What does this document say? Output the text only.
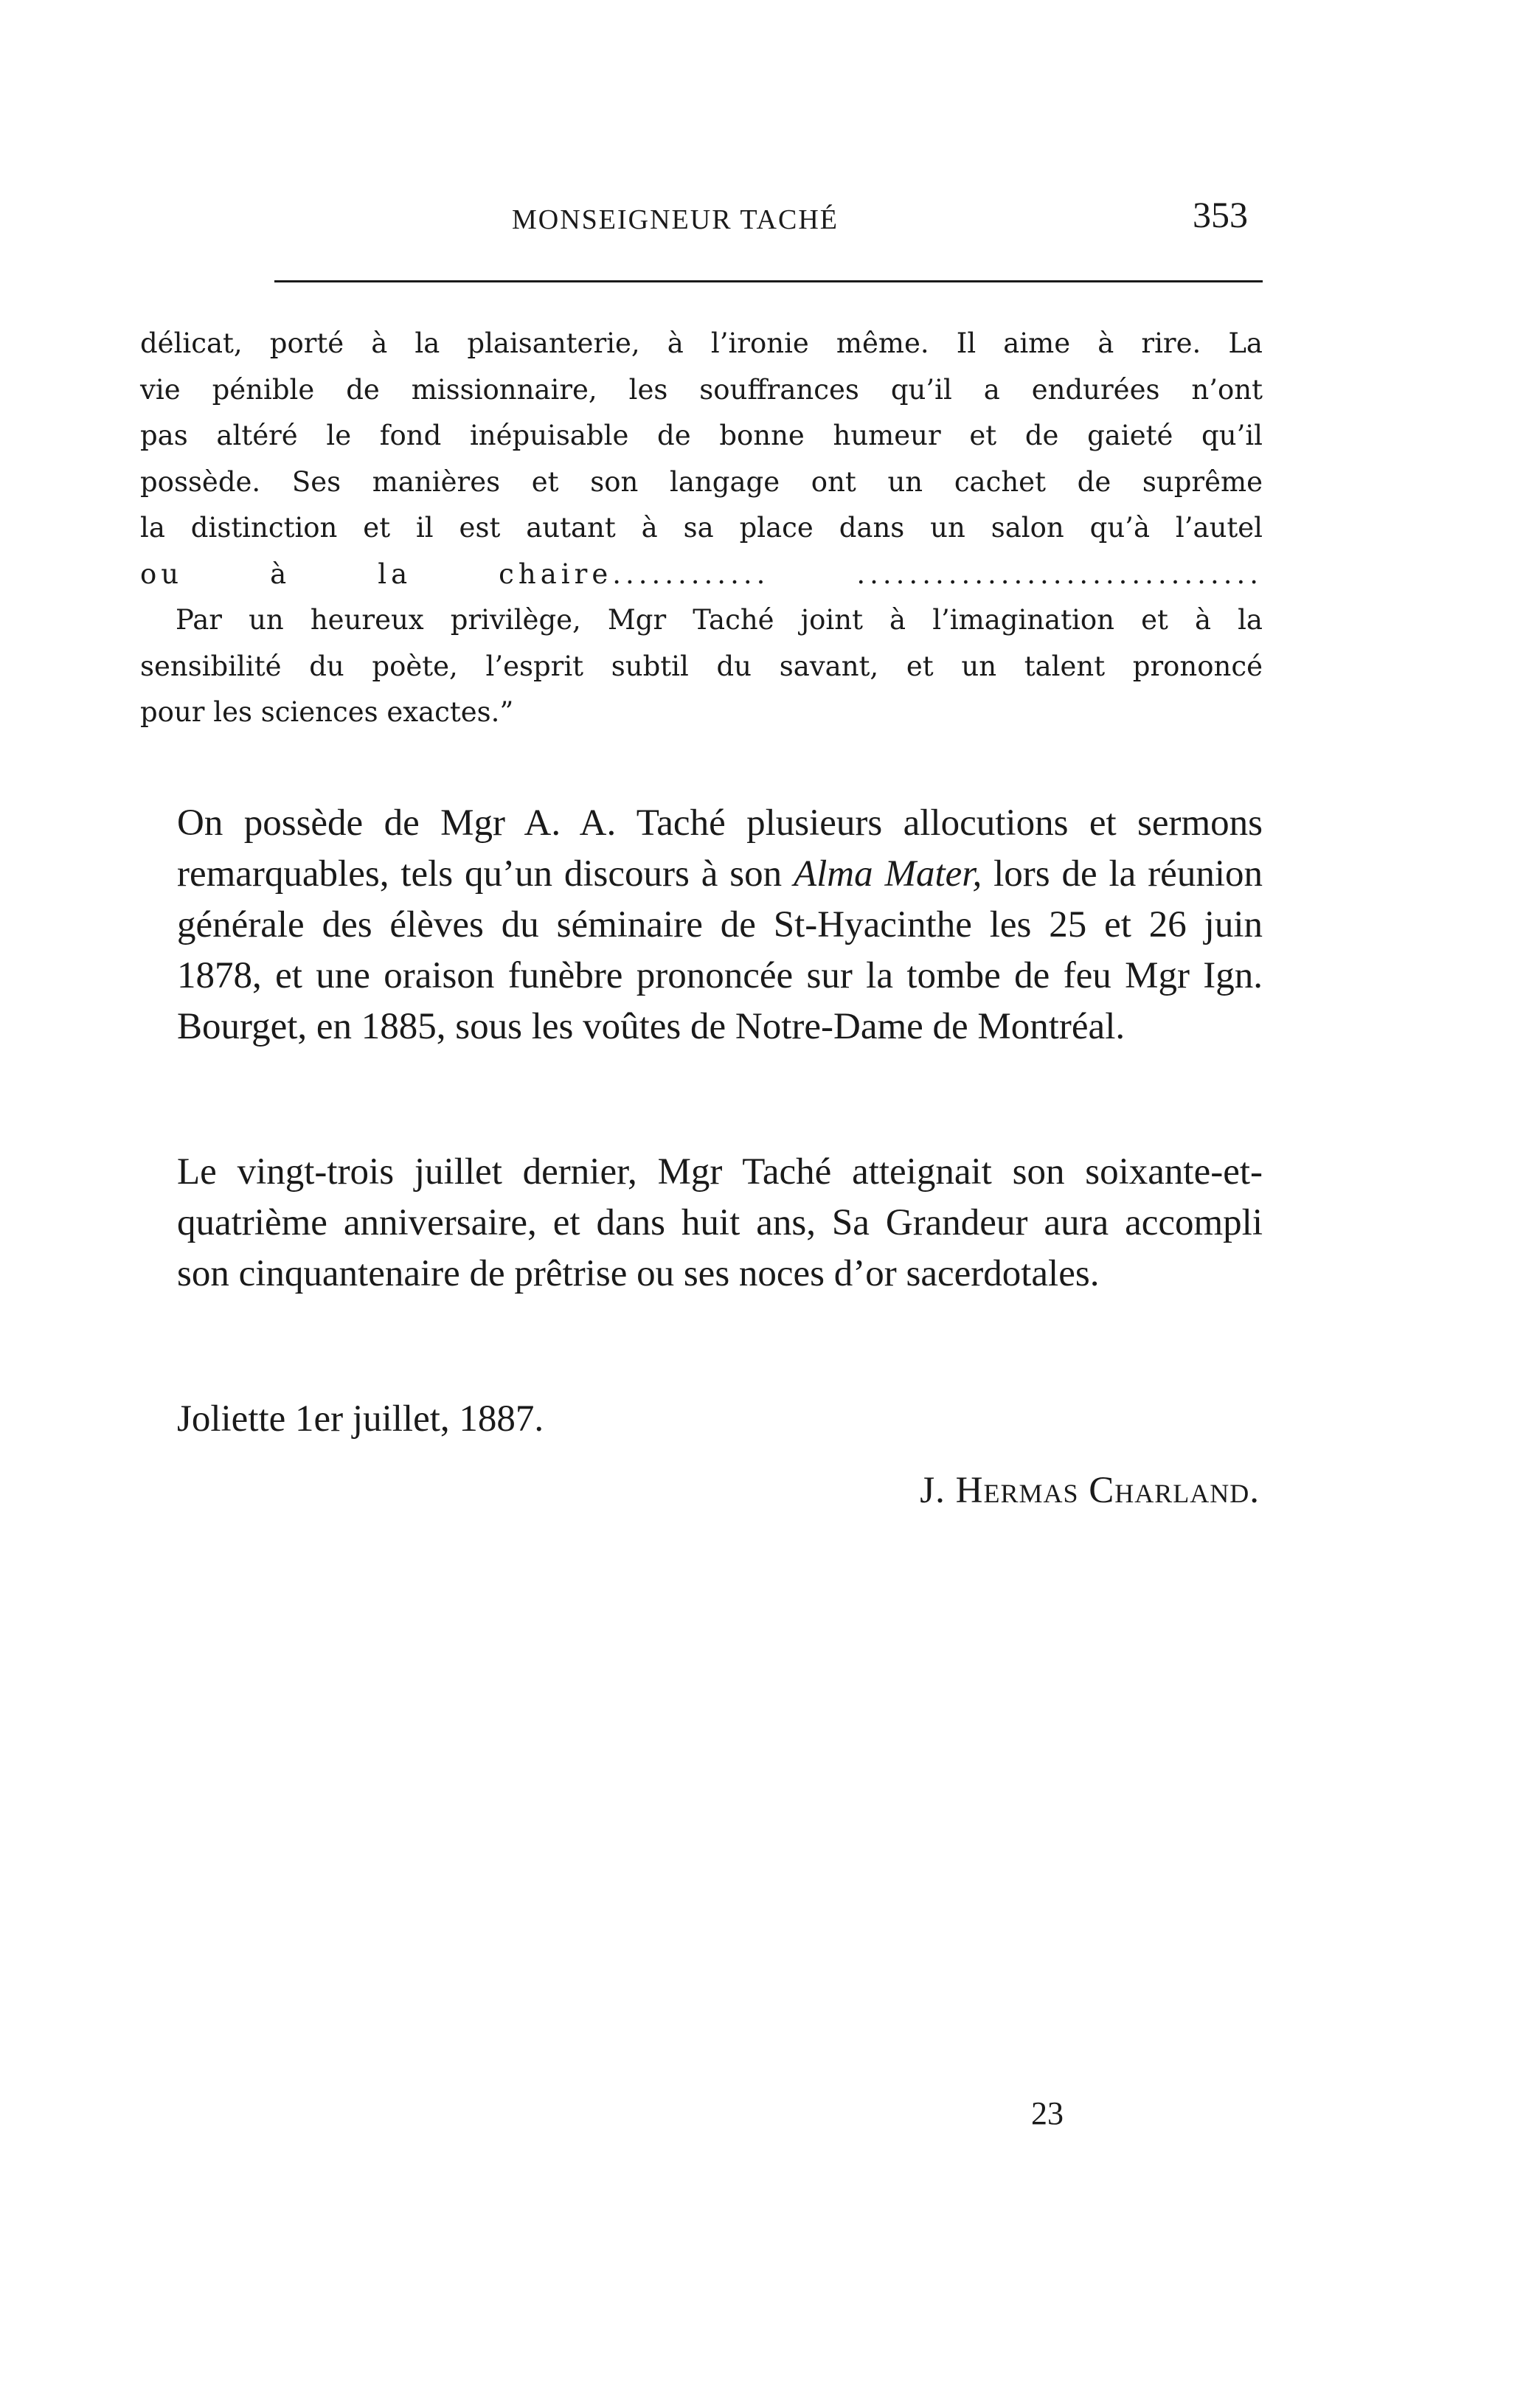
MONSEIGNEUR TACHÉ	353

délicat, porté à la plaisanterie, à l’ironie même. Il aime à rire. La

vie pénible de missionnaire, les souffrances qu’il a endurées n’ont

pas altéré le fond inépuisable de bonne humeur et de gaieté qu’il

possède. Ses manières et son langage ont un cachet de suprême

la distinction et il est autant à sa place dans un salon qu’à l’autel

ou à la chaire............ ...............................

Par un heureux privilège, Mgr Taché joint à l’imagination et à la

sensibilité du poète, l’esprit subtil du savant, et un talent prononcé

pour les sciences exactes.”

On possède de Mgr A. A. Taché plusieurs allocutions et sermons remarquables, tels qu’un discours à son Alma Mater, lors de la réunion générale des élèves du séminaire de St-Hyacinthe les 25 et 26 juin 1878, et une oraison funèbre prononcée sur la tombe de feu Mgr Ign. Bourget, en 1885, sous les voûtes de Notre-Dame de Montréal.

Le vingt-trois juillet dernier, Mgr Taché atteignait son soixante-et-quatrième anniversaire, et dans huit ans, Sa Grandeur aura accompli son cinquantenaire de prêtrise ou ses noces d’or sacerdotales.

Joliette 1er juillet, 1887.
J. Hermas Charland.
23
